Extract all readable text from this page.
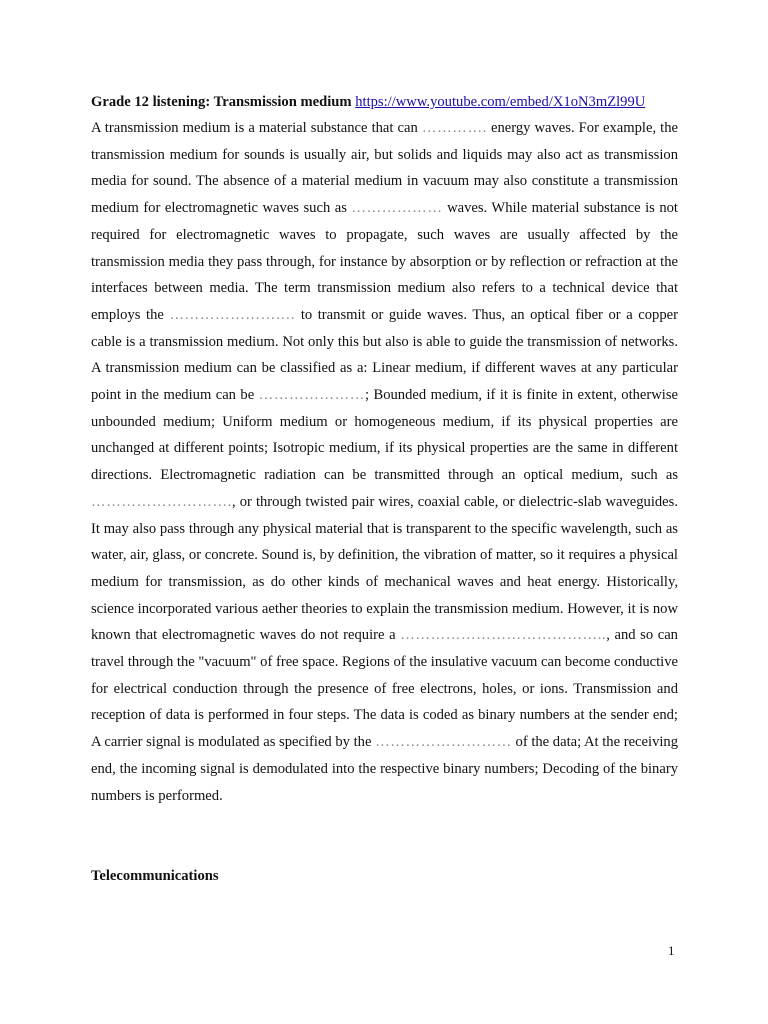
Grade 12 listening: Transmission medium https://www.youtube.com/embed/X1oN3mZl99U

A transmission medium is a material substance that can …………. energy waves. For example, the transmission medium for sounds is usually air, but solids and liquids may also act as transmission media for sound. The absence of a material medium in vacuum may also constitute a transmission medium for electromagnetic waves such as ……………… waves. While material substance is not required for electromagnetic waves to propagate, such waves are usually affected by the transmission media they pass through, for instance by absorption or by reflection or refraction at the interfaces between media. The term transmission medium also refers to a technical device that employs the ……………………. to transmit or guide waves. Thus, an optical fiber or a copper cable is a transmission medium. Not only this but also is able to guide the transmission of networks. A transmission medium can be classified as a: Linear medium, if different waves at any particular point in the medium can be …………………; Bounded medium, if it is finite in extent, otherwise unbounded medium; Uniform medium or homogeneous medium, if its physical properties are unchanged at different points; Isotropic medium, if its physical properties are the same in different directions. Electromagnetic radiation can be transmitted through an optical medium, such as ………………………., or through twisted pair wires, coaxial cable, or dielectric-slab waveguides. It may also pass through any physical material that is transparent to the specific wavelength, such as water, air, glass, or concrete. Sound is, by definition, the vibration of matter, so it requires a physical medium for transmission, as do other kinds of mechanical waves and heat energy. Historically, science incorporated various aether theories to explain the transmission medium. However, it is now known that electromagnetic waves do not require a ………………………………….., and so can travel through the "vacuum" of free space. Regions of the insulative vacuum can become conductive for electrical conduction through the presence of free electrons, holes, or ions. Transmission and reception of data is performed in four steps. The data is coded as binary numbers at the sender end; A carrier signal is modulated as specified by the ……………………… of the data; At the receiving end, the incoming signal is demodulated into the respective binary numbers; Decoding of the binary numbers is performed.

Telecommunications

1
